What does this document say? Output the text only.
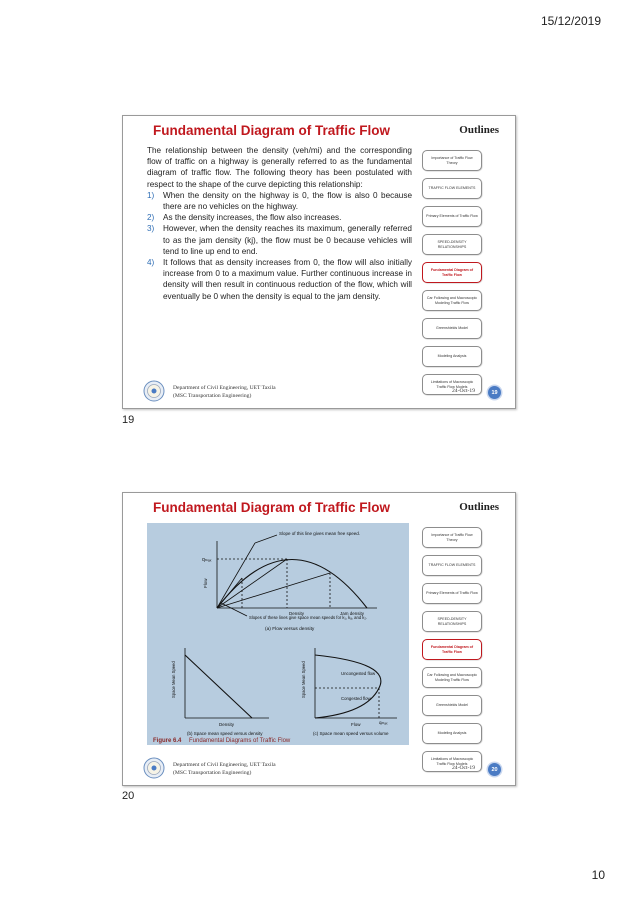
15/12/2019
Fundamental Diagram of Traffic Flow	Outlines
Importance of Traffic Flow Theory
TRAFFIC FLOW ELEMENTS
Primary Elements of Traffic Flow
SPEED-DENSITY RELATIONSHIPS
Fundamental Diagram of Traffic Flow
Car Following and Macroscopic Modeling Traffic Flow
Greenshields Model
Modeling Analysis
Limitations of Macroscopic Traffic Flow Models

The relationship between the density (veh/mi) and the corresponding flow of traffic on a highway is generally referred to as the fundamental diagram of traffic flow. The following theory has been postulated with respect to the shape of the curve depicting this relationship:

1) When the density on the highway is 0, the flow is also 0 because there are no vehicles on the highway.
2) As the density increases, the flow also increases.
3) However, when the density reaches its maximum, generally referred to as the jam density (kj), the flow must be 0 because vehicles will tend to line up end to end.
4) It follows that as density increases from 0, the flow will also initially increase from 0 to a maximum value. Further continuous increase in density will then result in continuous reduction of the flow, which will eventually be 0 when the density is equal to the jam density.
Department of Civil Engineering, UET Taxila
(MSC Transportation Engineering)
24-Oct-19	19
19
Fundamental Diagram of Traffic Flow	Outlines
Importance of Traffic Flow Theory
TRAFFIC FLOW ELEMENTS
Primary Elements of Traffic Flow
SPEED-DENSITY RELATIONSHIPS
Fundamental Diagram of Traffic Flow
Car Following and Macroscopic Modeling Traffic Flow
Greenshields Model
Modeling Analysis
Limitations of Macroscopic Traffic Flow Models
Slope of this line gives mean free speed.
Slopes of these lines give space mean speeds for k₁, kₐ, and k₂.
qₘₐₓ
Flow
Density	Jam density
(a) Flow versus density
Space Mean Speed
Density
(b) Space mean speed versus density
Space Mean Speed	Uncongested flow
Congested flow
qₘₐₓ
Flow
(c) Space mean speed versus volume
Figure 6.4 Fundamental Diagrams of Traffic Flow
Department of Civil Engineering, UET Taxila
(MSC Transportation Engineering)
24-Oct-19	20
20
10
